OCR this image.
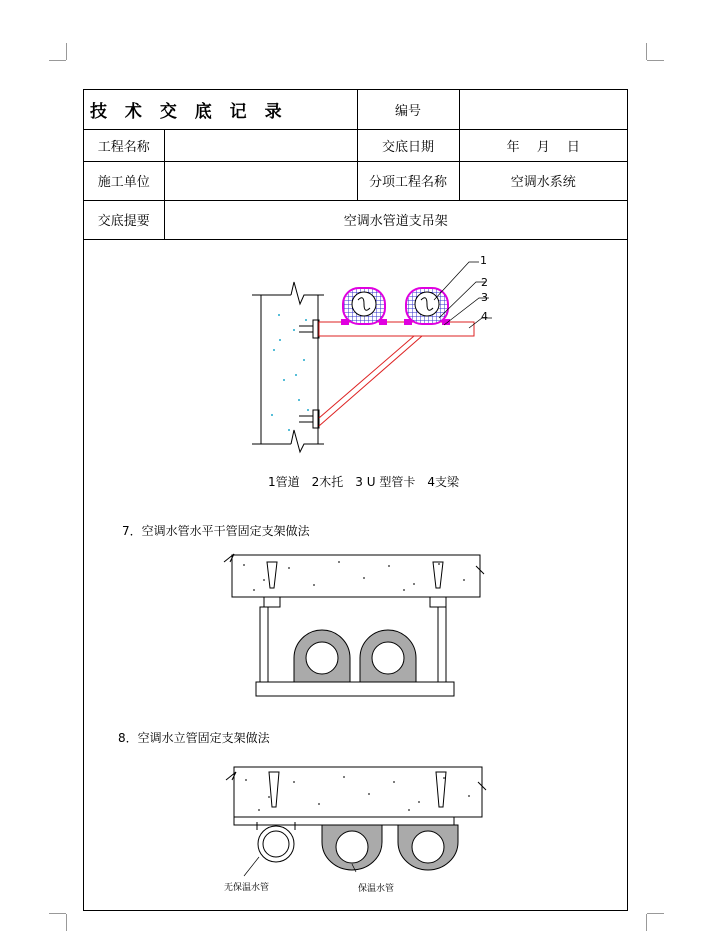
技 术 交 底 记 录		编号	
工程名称		交底日期	年　 月　 日
施工单位		分项工程名称	空调水系统
交底提要	空调水管道支吊架		
1
2
3
4
1管道　2木托　3 U 型管卡　4支梁
7．空调水管水平干管固定支架做法
8．空调水立管固定支架做法
无保温水管	保温水管
